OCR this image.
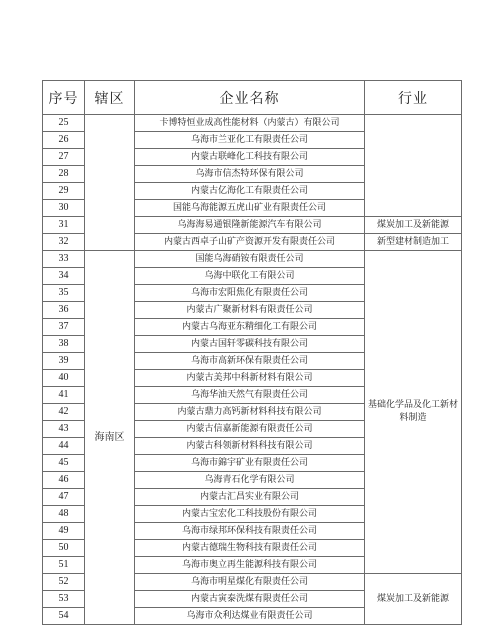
序号	辖区	企业名称	行业
25		卡博特恒业成高性能材料（内蒙古）有限公司	
26		乌海市兰亚化工有限责任公司	
27		内蒙古联峰化工科技有限公司	
28		乌海市信杰特环保有限公司	
29		内蒙古亿海化工有限责任公司	
30		国能乌海能源五虎山矿业有限责任公司	
31		乌海海易通银隆新能源汽车有限公司	煤炭加工及新能源
32		内蒙古西卓子山矿产资源开发有限责任公司	新型建材制造加工
33	海南区	国能乌海硝铵有限责任公司	基础化学品及化工新材料制造
34		乌海中联化工有限公司	
35		乌海市宏阳焦化有限责任公司	
36		内蒙古广聚新材料有限责任公司	
37		内蒙古乌海亚东精细化工有限公司	
38		内蒙古国轩零碳科技有限公司	
39		乌海市高新环保有限责任公司	
40		内蒙古美邦中科新材料有限公司	
41		乌海华油天然气有限责任公司	
42		内蒙古鼎力高钙新材料科技有限公司	
43		内蒙古信嘉新能源有限责任公司	
44		内蒙古科领新材料科技有限公司	
45		乌海市錦宇矿业有限责任公司	
46		乌海青石化学有限公司	
47		内蒙古汇昌实业有限公司	
48		内蒙古宝宏化工科技股份有限公司	
49		乌海市绿邦环保科技有限责任公司	
50		内蒙古德瑞生物科技有限责任公司	
51		乌海市奥立再生能源科技有限公司	
52		乌海市明星煤化有限责任公司	煤炭加工及新能源
53		内蒙古寅泰洗煤有限责任公司	
54		乌海市众利达煤业有限责任公司	
